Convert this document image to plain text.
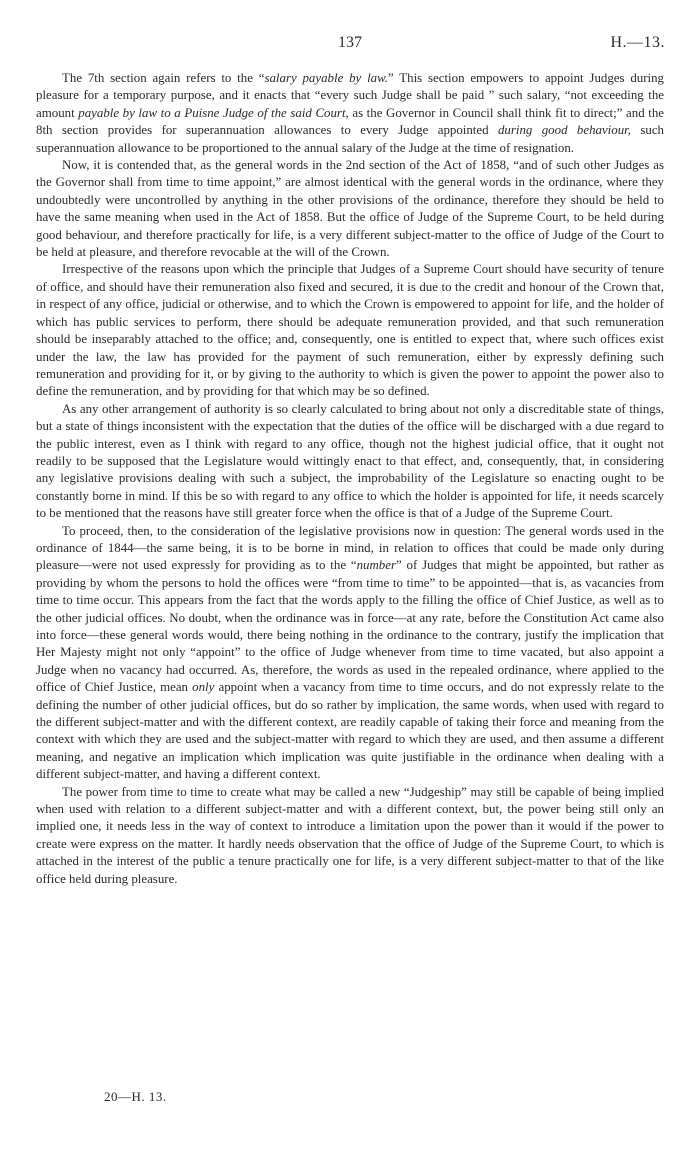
137	H.—13.

The 7th section again refers to the “salary payable by law.” This section empowers to appoint Judges during pleasure for a temporary purpose, and it enacts that “every such Judge shall be paid ” such salary, “not exceeding the amount payable by law to a Puisne Judge of the said Court, as the Governor in Council shall think fit to direct;” and the 8th section provides for superannuation allowances to every Judge appointed during good behaviour, such superannuation allowance to be proportioned to the annual salary of the Judge at the time of resignation.

Now, it is contended that, as the general words in the 2nd section of the Act of 1858, “and of such other Judges as the Governor shall from time to time appoint,” are almost identical with the general words in the ordinance, where they undoubtedly were uncontrolled by anything in the other provisions of the ordinance, therefore they should be held to have the same meaning when used in the Act of 1858. But the office of Judge of the Supreme Court, to be held during good behaviour, and therefore practically for life, is a very different subject-matter to the office of Judge of the Court to be held at pleasure, and therefore revocable at the will of the Crown.

Irrespective of the reasons upon which the principle that Judges of a Supreme Court should have security of tenure of office, and should have their remuneration also fixed and secured, it is due to the credit and honour of the Crown that, in respect of any office, judicial or otherwise, and to which the Crown is empowered to appoint for life, and the holder of which has public services to perform, there should be adequate remuneration provided, and that such remuneration should be inseparably attached to the office; and, consequently, one is entitled to expect that, where such offices exist under the law, the law has provided for the payment of such remuneration, either by expressly defining such remuneration and providing for it, or by giving to the authority to which is given the power to appoint the power also to define the remuneration, and by providing for that which may be so defined.

As any other arrangement of authority is so clearly calculated to bring about not only a discreditable state of things, but a state of things inconsistent with the expectation that the duties of the office will be discharged with a due regard to the public interest, even as I think with regard to any office, though not the highest judicial office, that it ought not readily to be supposed that the Legislature would wittingly enact to that effect, and, consequently, that, in considering any legislative provisions dealing with such a subject, the improbability of the Legislature so enacting ought to be constantly borne in mind. If this be so with regard to any office to which the holder is appointed for life, it needs scarcely to be mentioned that the reasons have still greater force when the office is that of a Judge of the Supreme Court.

To proceed, then, to the consideration of the legislative provisions now in question: The general words used in the ordinance of 1844—the same being, it is to be borne in mind, in relation to offices that could be made only during pleasure—were not used expressly for providing as to the “number” of Judges that might be appointed, but rather as providing by whom the persons to hold the offices were “from time to time” to be appointed—that is, as vacancies from time to time occur. This appears from the fact that the words apply to the filling the office of Chief Justice, as well as to the other judicial offices. No doubt, when the ordinance was in force—at any rate, before the Constitution Act came also into force—these general words would, there being nothing in the ordinance to the contrary, justify the implication that Her Majesty might not only “appoint” to the office of Judge whenever from time to time vacated, but also appoint a Judge when no vacancy had occurred. As, therefore, the words as used in the repealed ordinance, where applied to the office of Chief Justice, mean only appoint when a vacancy from time to time occurs, and do not expressly relate to the defining the number of other judicial offices, but do so rather by implication, the same words, when used with regard to the different subject-matter and with the different context, are readily capable of taking their force and meaning from the context with which they are used and the subject-matter with regard to which they are used, and then assume a different meaning, and negative an implication which implication was quite justifiable in the ordinance when dealing with a different subject-matter, and having a different context.

The power from time to time to create what may be called a new “Judgeship” may still be capable of being implied when used with relation to a different subject-matter and with a different context, but, the power being still only an implied one, it needs less in the way of context to introduce a limitation upon the power than it would if the power to create were express on the matter. It hardly needs observation that the office of Judge of the Supreme Court, to which is attached in the interest of the public a tenure practically one for life, is a very different subject-matter to that of the like office held during pleasure.

20—H. 13.
